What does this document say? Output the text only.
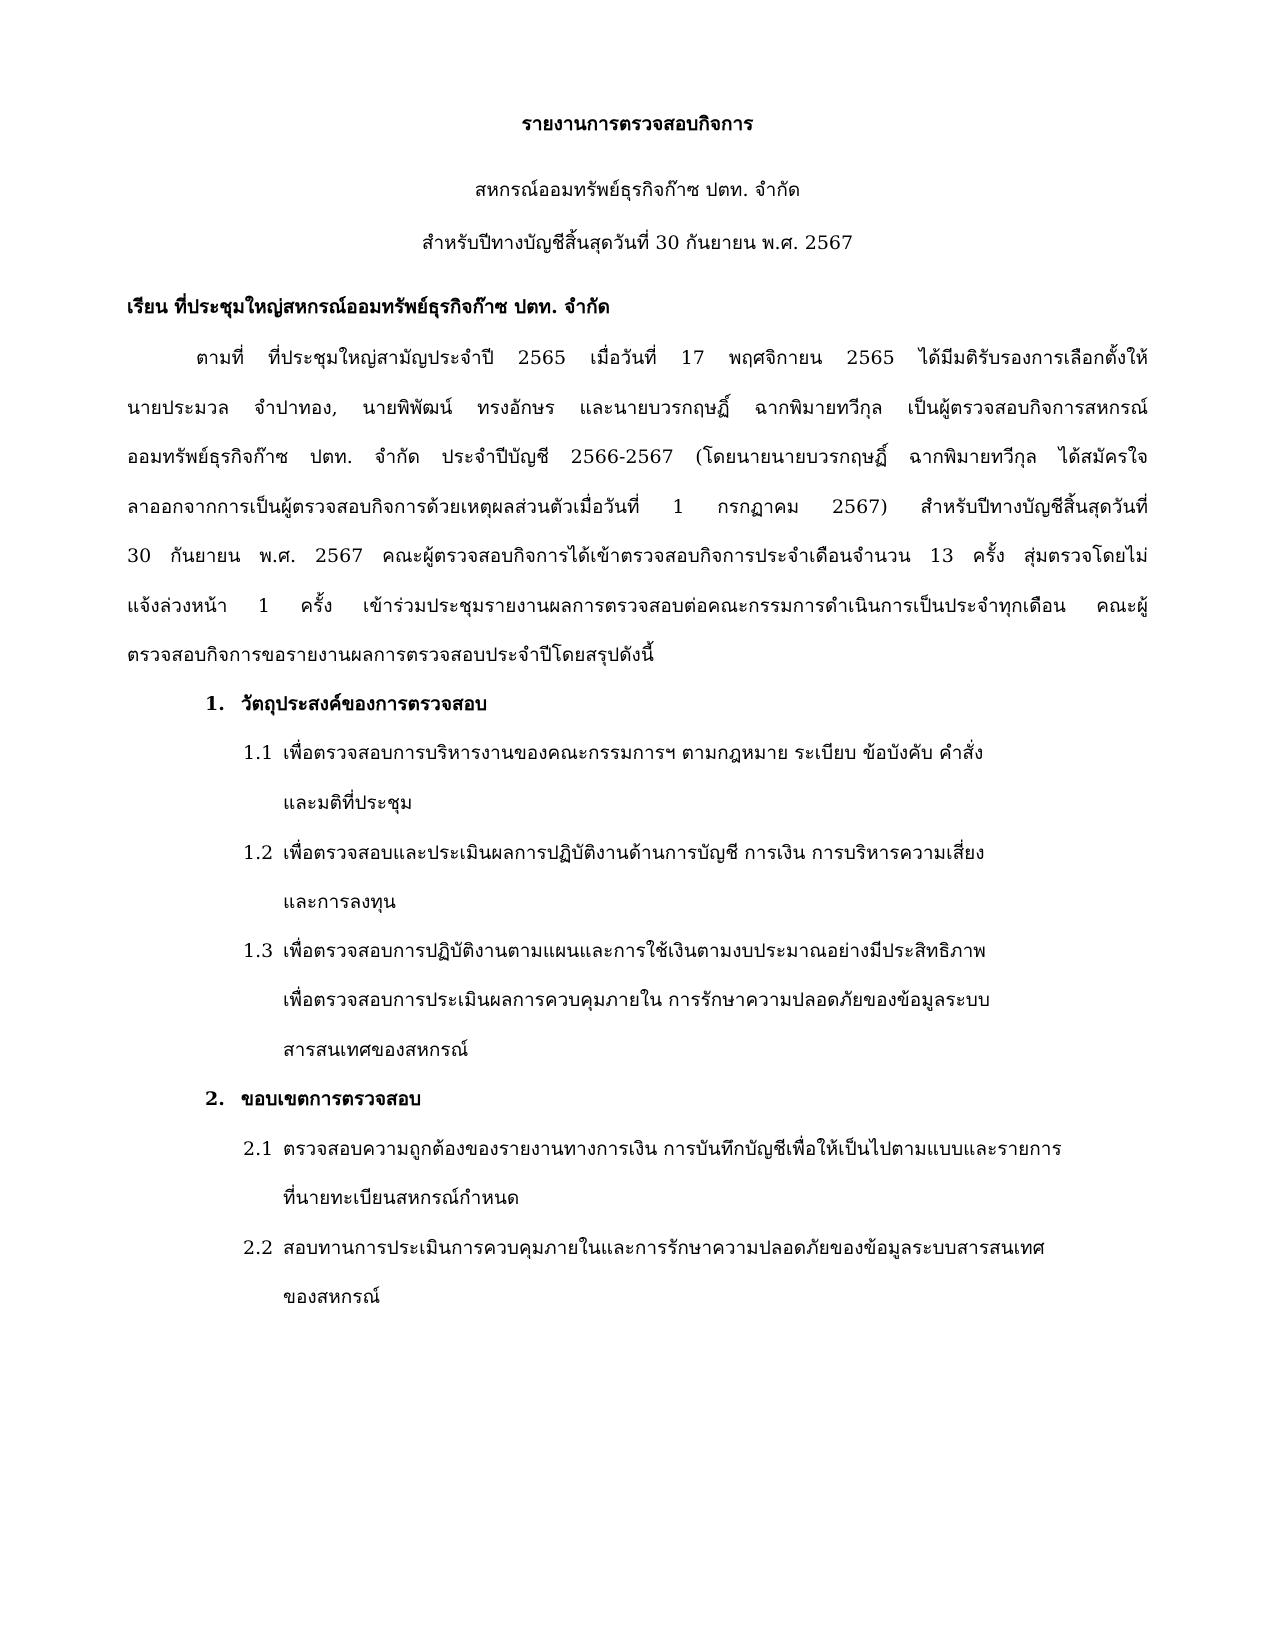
รายงานการตรวจสอบกิจการ
สหกรณ์ออมทรัพย์ธุรกิจก๊าซ ปตท. จำกัด
สำหรับปีทางบัญชีสิ้นสุดวันที่ 30 กันยายน พ.ศ. 2567
เรียน ที่ประชุมใหญ่สหกรณ์ออมทรัพย์ธุรกิจก๊าซ ปตท. จำกัด
ตามที่ ที่ประชุมใหญ่สามัญประจำปี 2565 เมื่อวันที่ 17 พฤศจิกายน 2565 ได้มีมติรับรองการเลือกตั้งให้
นายประมวล จำปาทอง, นายพิพัฒน์ ทรงอักษร และนายบวรกฤษฏิ์ ฉากพิมายทวีกุล เป็นผู้ตรวจสอบกิจการสหกรณ์
ออมทรัพย์ธุรกิจก๊าซ ปตท. จำกัด ประจำปีบัญชี 2566-2567 (โดยนายนายบวรกฤษฏิ์ ฉากพิมายทวีกุล ได้สมัครใจ
ลาออกจากการเป็นผู้ตรวจสอบกิจการด้วยเหตุผลส่วนตัวเมื่อวันที่ 1 กรกฏาคม 2567) สำหรับปีทางบัญชีสิ้นสุดวันที่
30 กันยายน พ.ศ. 2567 คณะผู้ตรวจสอบกิจการได้เข้าตรวจสอบกิจการประจำเดือนจำนวน 13 ครั้ง สุ่มตรวจโดยไม่
แจ้งล่วงหน้า 1 ครั้ง เข้าร่วมประชุมรายงานผลการตรวจสอบต่อคณะกรรมการดำเนินการเป็นประจำทุกเดือน คณะผู้
ตรวจสอบกิจการขอรายงานผลการตรวจสอบประจำปีโดยสรุปดังนี้
1. วัตถุประสงค์ของการตรวจสอบ
1.1 เพื่อตรวจสอบการบริหารงานของคณะกรรมการฯ ตามกฎหมาย ระเบียบ ข้อบังคับ คำสั่ง
และมติที่ประชุม
1.2 เพื่อตรวจสอบและประเมินผลการปฏิบัติงานด้านการบัญชี การเงิน การบริหารความเสี่ยง
และการลงทุน
1.3 เพื่อตรวจสอบการปฏิบัติงานตามแผนและการใช้เงินตามงบประมาณอย่างมีประสิทธิภาพ
เพื่อตรวจสอบการประเมินผลการควบคุมภายใน การรักษาความปลอดภัยของข้อมูลระบบ
สารสนเทศของสหกรณ์
2. ขอบเขตการตรวจสอบ
2.1 ตรวจสอบความถูกต้องของรายงานทางการเงิน การบันทึกบัญชีเพื่อให้เป็นไปตามแบบและรายการ
ที่นายทะเบียนสหกรณ์กำหนด
2.2 สอบทานการประเมินการควบคุมภายในและการรักษาความปลอดภัยของข้อมูลระบบสารสนเทศ
ของสหกรณ์
